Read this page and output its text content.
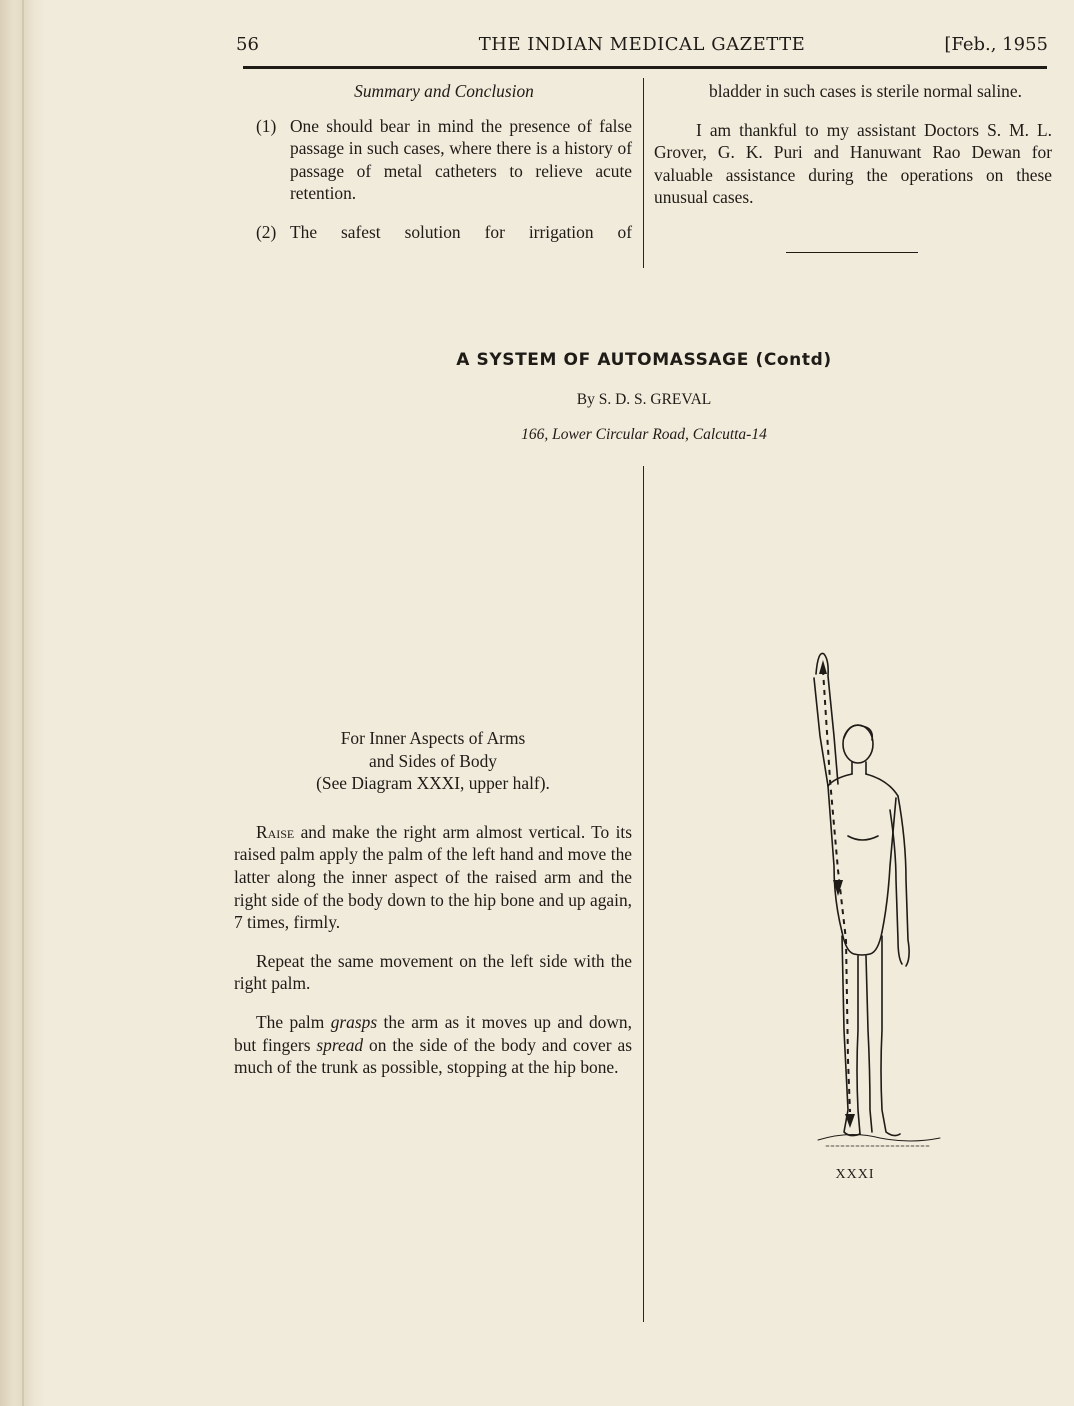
56	THE INDIAN MEDICAL GAZETTE	[Feb., 1955
Summary and Conclusion
(1) One should bear in mind the presence of false passage in such cases, where there is a history of passage of metal catheters to relieve acute retention.
(2) The safest solution for irrigation of
bladder in such cases is sterile normal saline.
I am thankful to my assistant Doctors S. M. L. Grover, G. K. Puri and Hanuwant Rao Dewan for valuable assistance during the operations on these unusual cases.
A SYSTEM OF AUTOMASSAGE (Contd)
By S. D. S. GREVAL
166, Lower Circular Road, Calcutta-14
For Inner Aspects of Arms
and Sides of Body
(See Diagram XXXI, upper half).
Raise and make the right arm almost vertical. To its raised palm apply the palm of the left hand and move the latter along the inner aspect of the raised arm and the right side of the body down to the hip bone and up again, 7 times, firmly.
Repeat the same movement on the left side with the right palm.
The palm grasps the arm as it moves up and down, but fingers spread on the side of the body and cover as much of the trunk as possible, stopping at the hip bone.
XXXI
